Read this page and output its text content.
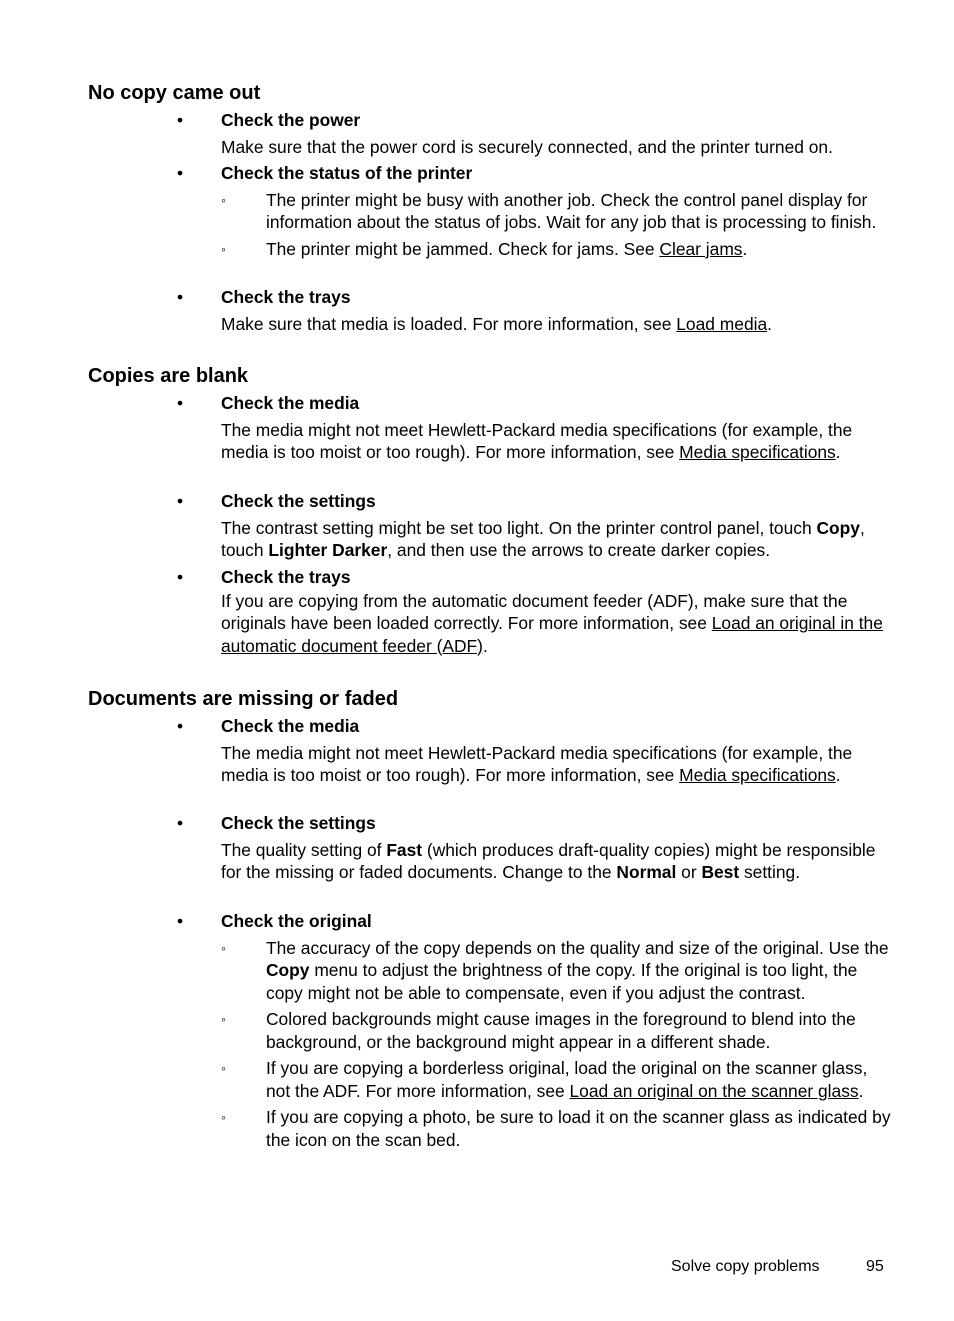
No copy came out
• Check the power

Make sure that the power cord is securely connected, and the printer turned on.

• Check the status of the printer

◦ The printer might be busy with another job. Check the control panel display for information about the status of jobs. Wait for any job that is processing to finish.

◦ The printer might be jammed. Check for jams. See Clear jams.

• Check the trays

Make sure that media is loaded. For more information, see Load media.

Copies are blank
• Check the media

The media might not meet Hewlett-Packard media specifications (for example, the media is too moist or too rough). For more information, see Media specifications.

• Check the settings

The contrast setting might be set too light. On the printer control panel, touch Copy, touch Lighter Darker, and then use the arrows to create darker copies.

• Check the trays

If you are copying from the automatic document feeder (ADF), make sure that the originals have been loaded correctly. For more information, see Load an original in the automatic document feeder (ADF).

Documents are missing or faded
• Check the media

The media might not meet Hewlett-Packard media specifications (for example, the media is too moist or too rough). For more information, see Media specifications.

• Check the settings

The quality setting of Fast (which produces draft-quality copies) might be responsible for the missing or faded documents. Change to the Normal or Best setting.

• Check the original

◦ The accuracy of the copy depends on the quality and size of the original. Use the Copy menu to adjust the brightness of the copy. If the original is too light, the copy might not be able to compensate, even if you adjust the contrast.

◦ Colored backgrounds might cause images in the foreground to blend into the background, or the background might appear in a different shade.

◦ If you are copying a borderless original, load the original on the scanner glass, not the ADF. For more information, see Load an original on the scanner glass.

◦ If you are copying a photo, be sure to load it on the scanner glass as indicated by the icon on the scan bed.

Solve copy problems	95
